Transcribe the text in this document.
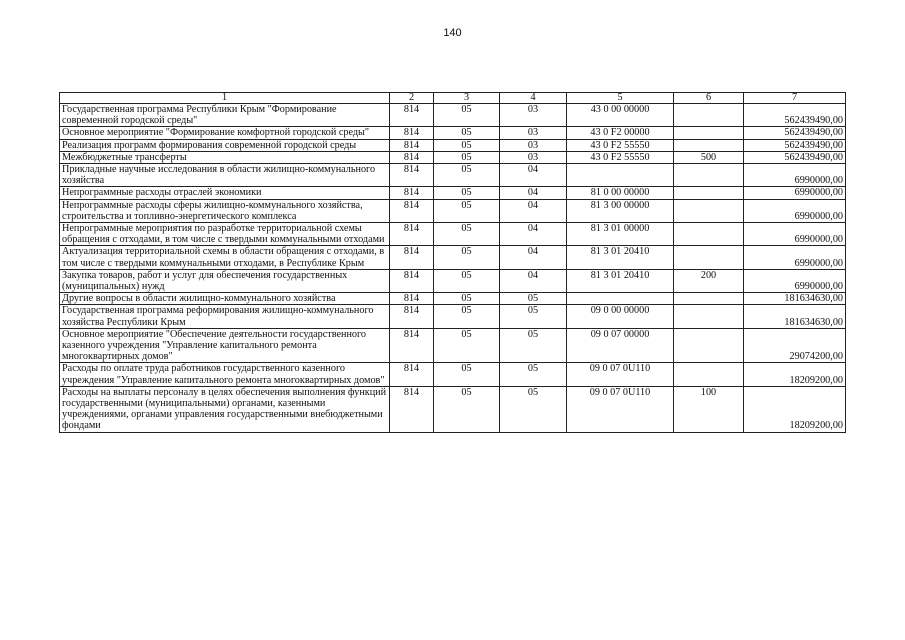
140
1	2	3	4	5	6	7
Государственная программа Республики Крым "Формирование современной городской среды"	814	05	03	43 0 00 00000		562439490,00
Основное мероприятие "Формирование комфортной городской среды"	814	05	03	43 0 F2 00000		562439490,00
Реализация программ формирования современной городской среды	814	05	03	43 0 F2 55550		562439490,00
Межбюджетные трансферты	814	05	03	43 0 F2 55550	500	562439490,00
Прикладные научные исследования в области жилищно-коммунального хозяйства	814	05	04			6990000,00
Непрограммные расходы отраслей экономики	814	05	04	81 0 00 00000		6990000,00
Непрограммные расходы сферы жилищно-коммунального хозяйства, строительства и топливно-энергетического комплекса	814	05	04	81 3 00 00000		6990000,00
Непрограммные мероприятия по разработке территориальной схемы обращения с отходами, в том числе с твердыми коммунальными отходами	814	05	04	81 3 01 00000		6990000,00
Актуализация территориальной схемы в области обращения с отходами, в том числе с твердыми коммунальными отходами, в Республике Крым	814	05	04	81 3 01 20410		6990000,00
Закупка товаров, работ и услуг для обеспечения государственных (муниципальных) нужд	814	05	04	81 3 01 20410	200	6990000,00
Другие вопросы в области жилищно-коммунального хозяйства	814	05	05			181634630,00
Государственная программа реформирования жилищно-коммунального хозяйства Республики Крым	814	05	05	09 0 00 00000		181634630,00
Основное мероприятие "Обеспечение деятельности государственного казенного учреждения "Управление капитального ремонта многоквартирных домов"	814	05	05	09 0 07 00000		29074200,00
Расходы по оплате труда работников государственного казенного учреждения "Управление капитального ремонта многоквартирных домов"	814	05	05	09 0 07 0U110		18209200,00
Расходы на выплаты персоналу в целях обеспечения выполнения функций государственными (муниципальными) органами, казенными учреждениями, органами управления государственными внебюджетными фондами	814	05	05	09 0 07 0U110	100	18209200,00
